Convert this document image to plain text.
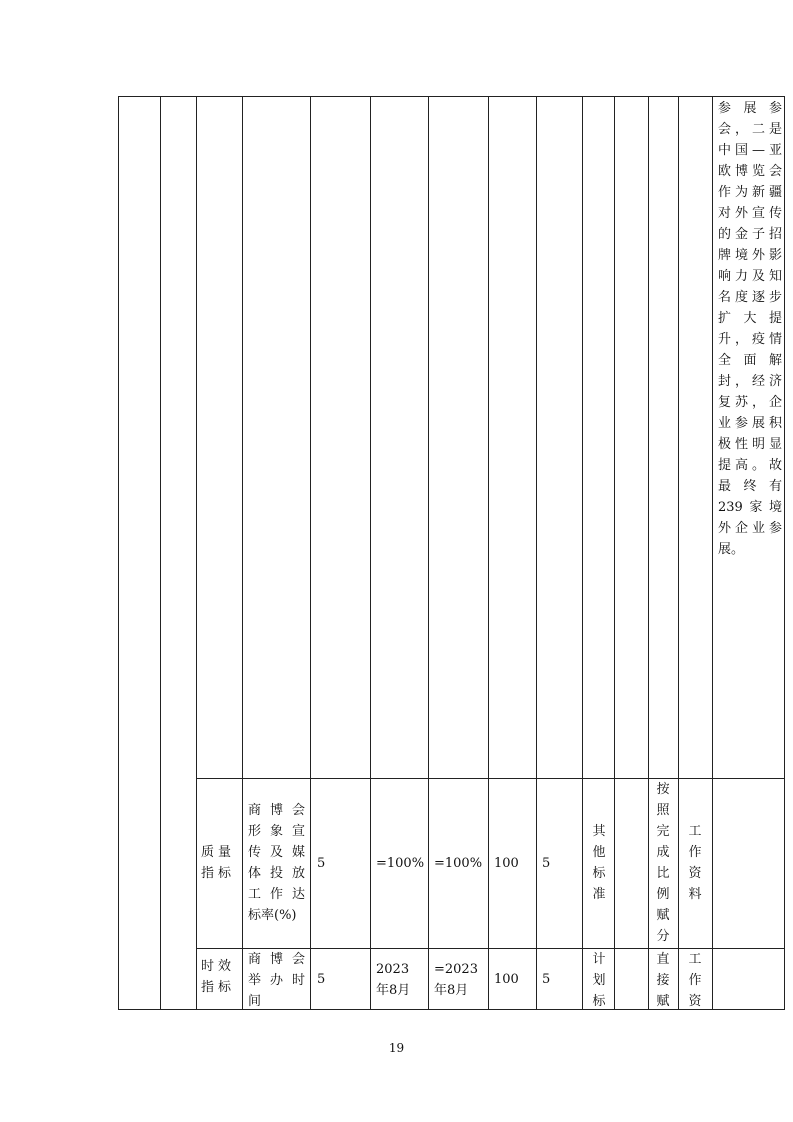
参展参
会，二是
中国—亚
欧博览会
作为新疆
对外宣传
的金子招
牌境外影
响力及知
名度逐步
扩大提
升，疫情
全面解
封，经济
复苏，企
业参展积
极性明显
提高。故
最终有
239家境
外企业参
展。
质量
指标
商博会
形象宣
传及媒
体投放
工作达
标率(%)
5	=100% =100% 100 5
其
他
标
准
按
照
完
成
比
例
赋
分
工
作
资
料
时效
指标
商博会
举办时
间
5
2023
年8月
=2023
年8月
100 5
计
划
标
直
接
赋
工
作
资
19
